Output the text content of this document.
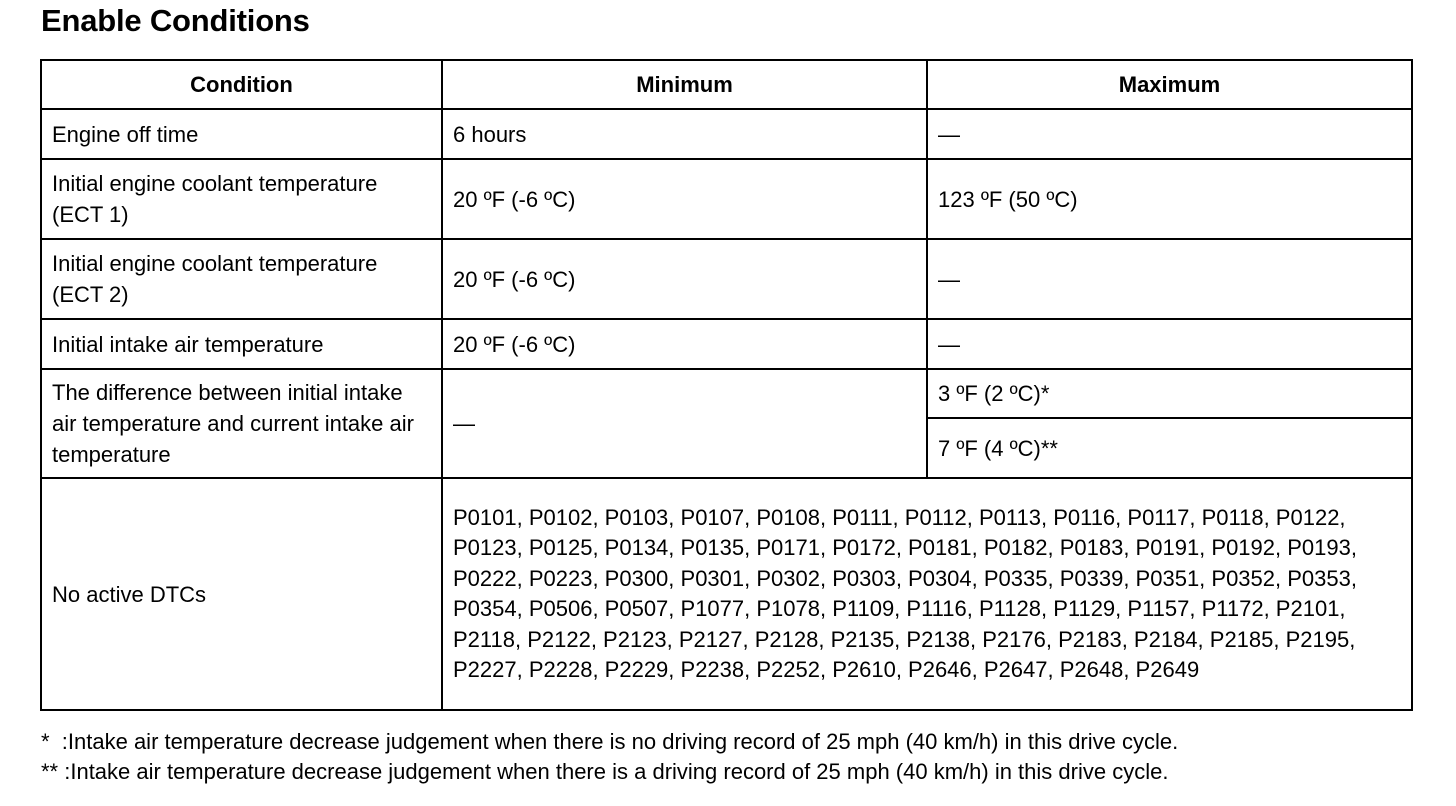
Enable Conditions
Condition	Minimum	Maximum
Engine off time	6 hours	—
Initial engine coolant temperature (ECT 1)	20 ºF (-6 ºC)	123 ºF (50 ºC)
Initial engine coolant temperature (ECT 2)	20 ºF (-6 ºC)	—
Initial intake air temperature	20 ºF (-6 ºC)	—
The difference between initial intake air temperature and current intake air temperature	—	3 ºF (2 ºC)*
		7 ºF (4 ºC)**
No active DTCs	P0101, P0102, P0103, P0107, P0108, P0111, P0112, P0113, P0116, P0117, P0118, P0122, P0123, P0125, P0134, P0135, P0171, P0172, P0181, P0182, P0183, P0191, P0192, P0193, P0222, P0223, P0300, P0301, P0302, P0303, P0304, P0335, P0339, P0351, P0352, P0353, P0354, P0506, P0507, P1077, P1078, P1109, P1116, P1128, P1129, P1157, P1172, P2101, P2118, P2122, P2123, P2127, P2128, P2135, P2138, P2176, P2183, P2184, P2185, P2195, P2227, P2228, P2229, P2238, P2252, P2610, P2646, P2647, P2648, P2649	
*  :Intake air temperature decrease judgement when there is no driving record of 25 mph (40 km/h) in this drive cycle.
** :Intake air temperature decrease judgement when there is a driving record of 25 mph (40 km/h) in this drive cycle.
